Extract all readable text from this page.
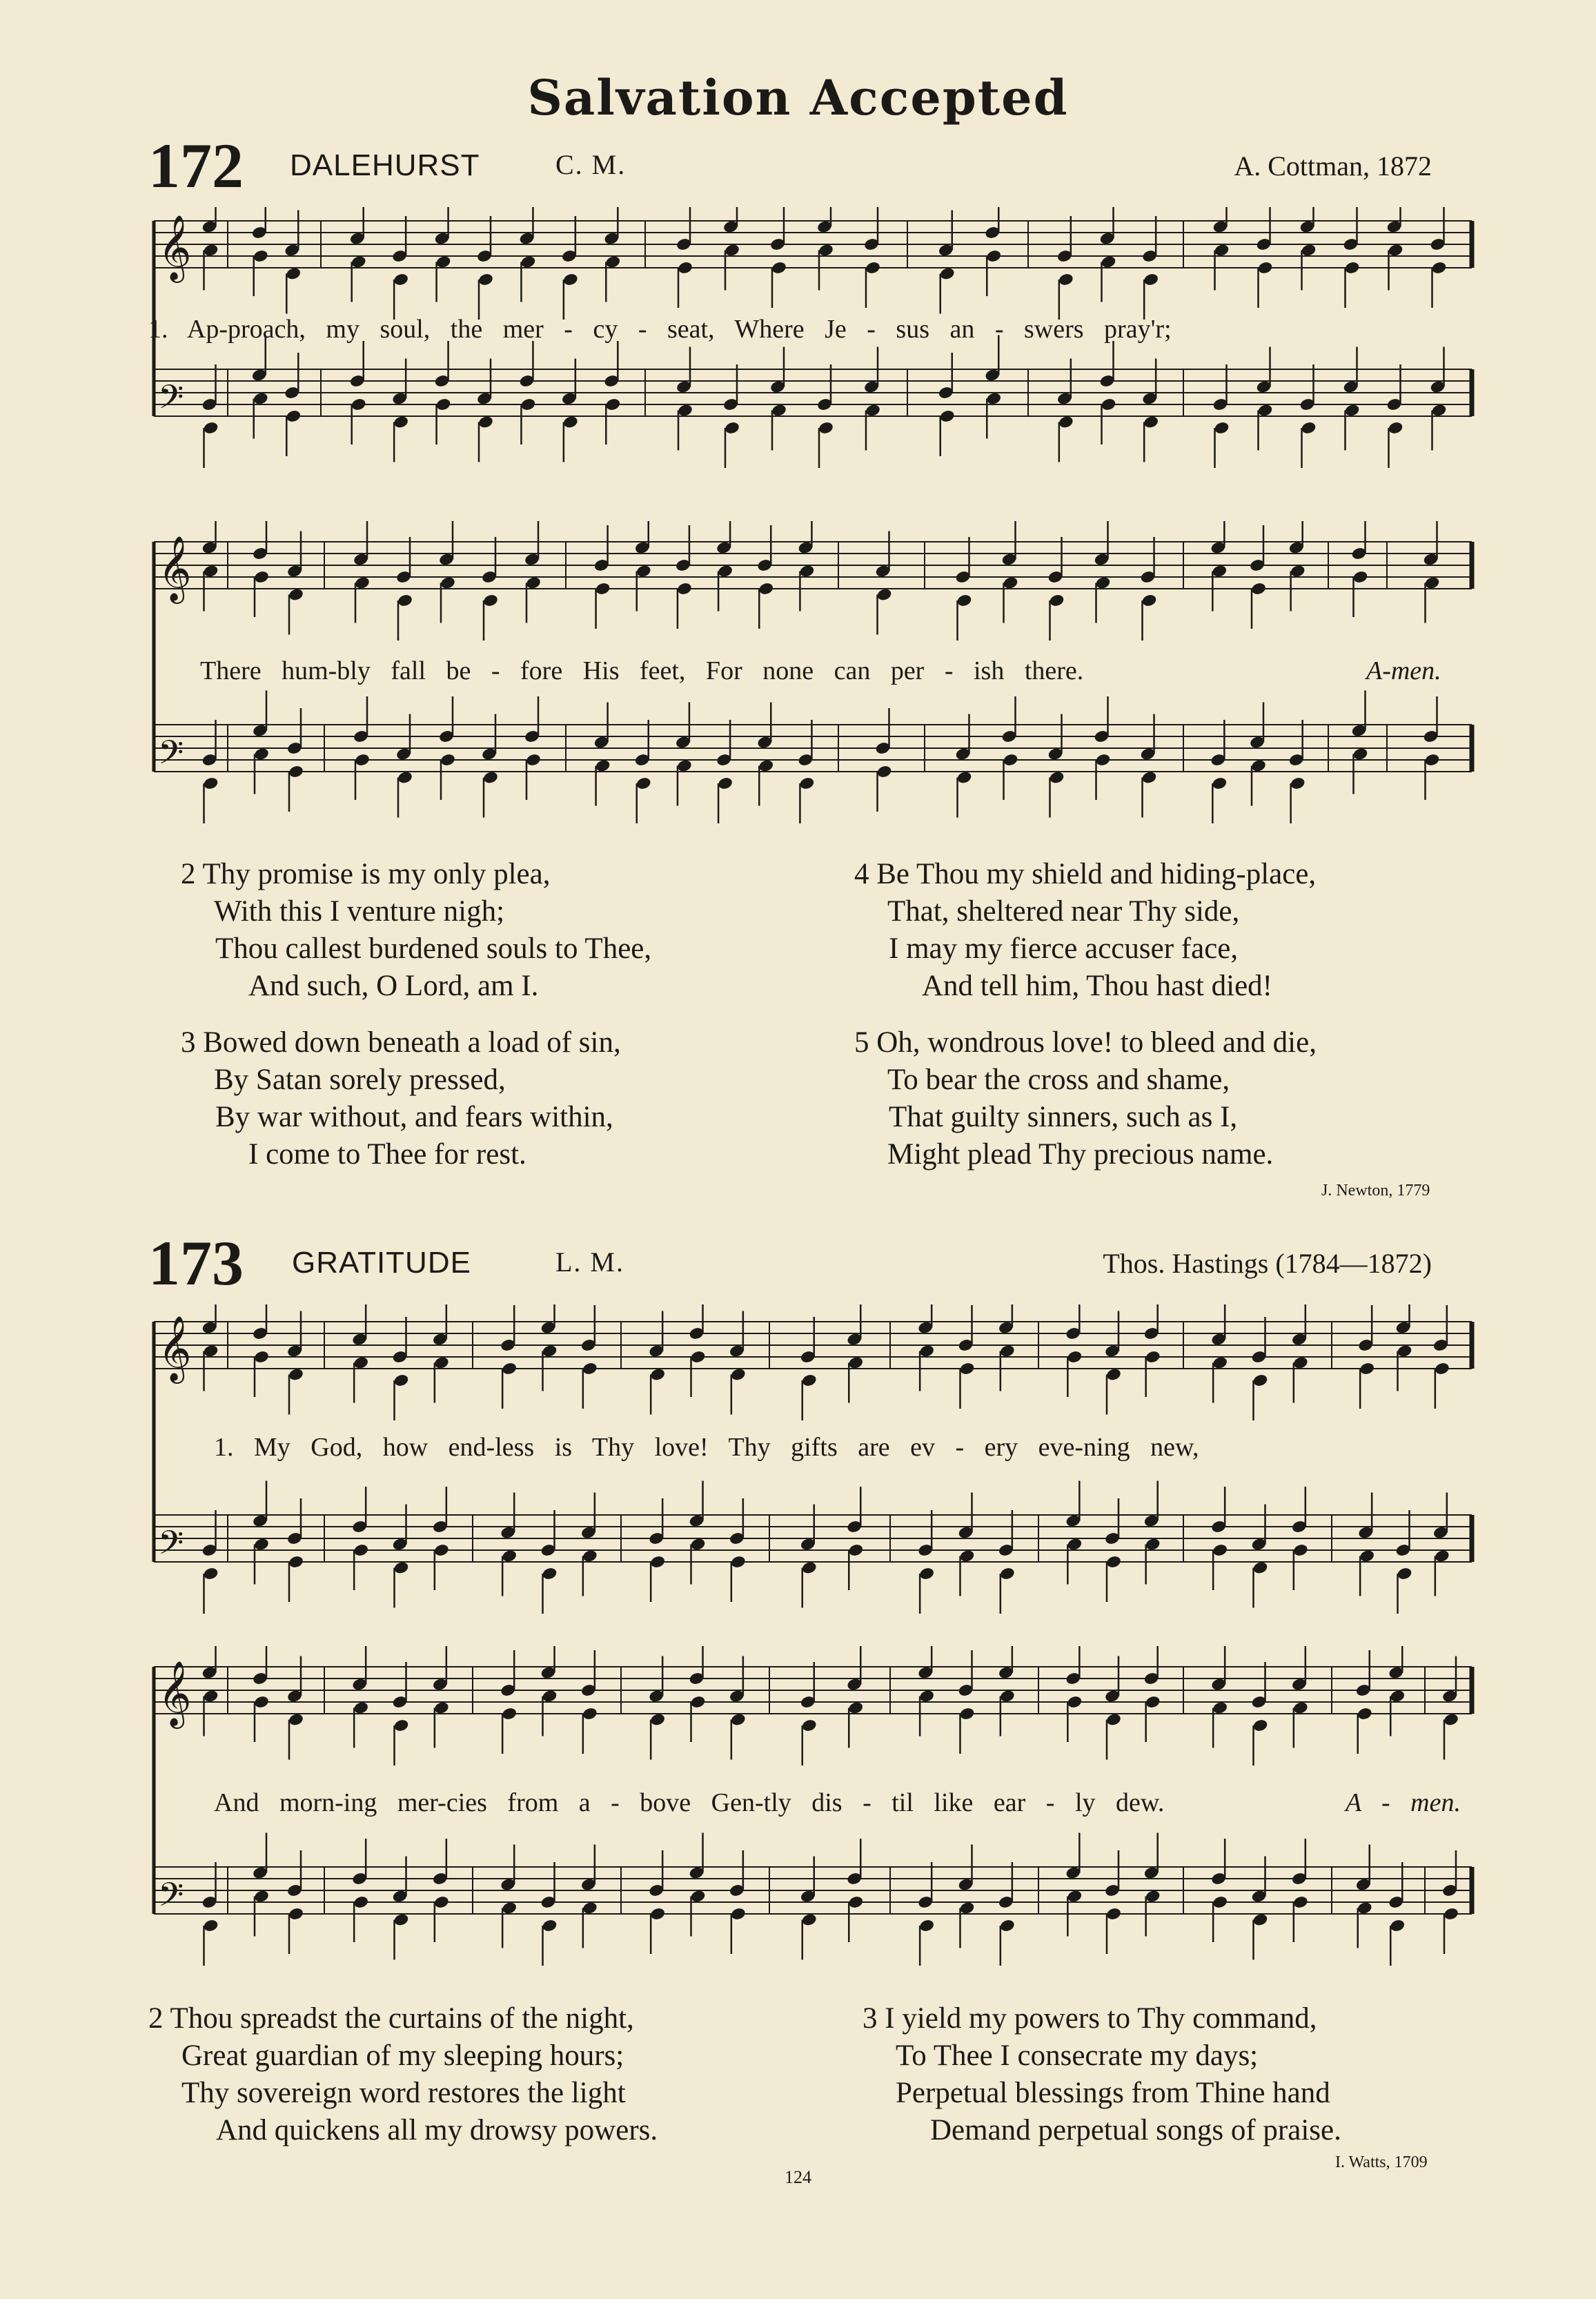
Salvation Accepted
172 DALEHURST	C. M.	A. Cottman, 1872
𝄞
𝄢
1. Ap-proach, my soul, the mer - cy - seat, Where Je - sus an - swers pray'r;
𝄞
𝄢
There hum-bly fall be - fore His feet, For none can per - ish there.	A-men.
2 Thy promise is my only plea,
With this I venture nigh;
Thou callest burdened souls to Thee,
And such, O Lord, am I.
3 Bowed down beneath a load of sin,
By Satan sorely pressed,
By war without, and fears within,
I come to Thee for rest.
4 Be Thou my shield and hiding-place,
That, sheltered near Thy side,
I may my fierce accuser face,
And tell him, Thou hast died!
5 Oh, wondrous love! to bleed and die,
To bear the cross and shame,
That guilty sinners, such as I,
Might plead Thy precious name.
J. Newton, 1779
173 GRATITUDE	L. M.	Thos. Hastings (1784—1872)
𝄞
𝄢
1. My God, how end-less is Thy love! Thy gifts are ev - ery eve-ning new,
𝄞
𝄢
And morn-ing mer-cies from a - bove Gen-tly dis - til like ear - ly dew.	A - men.
2 Thou spreadst the curtains of the night,
Great guardian of my sleeping hours;
Thy sovereign word restores the light
And quickens all my drowsy powers.
3 I yield my powers to Thy command,
To Thee I consecrate my days;
Perpetual blessings from Thine hand
Demand perpetual songs of praise.
I. Watts, 1709
124
